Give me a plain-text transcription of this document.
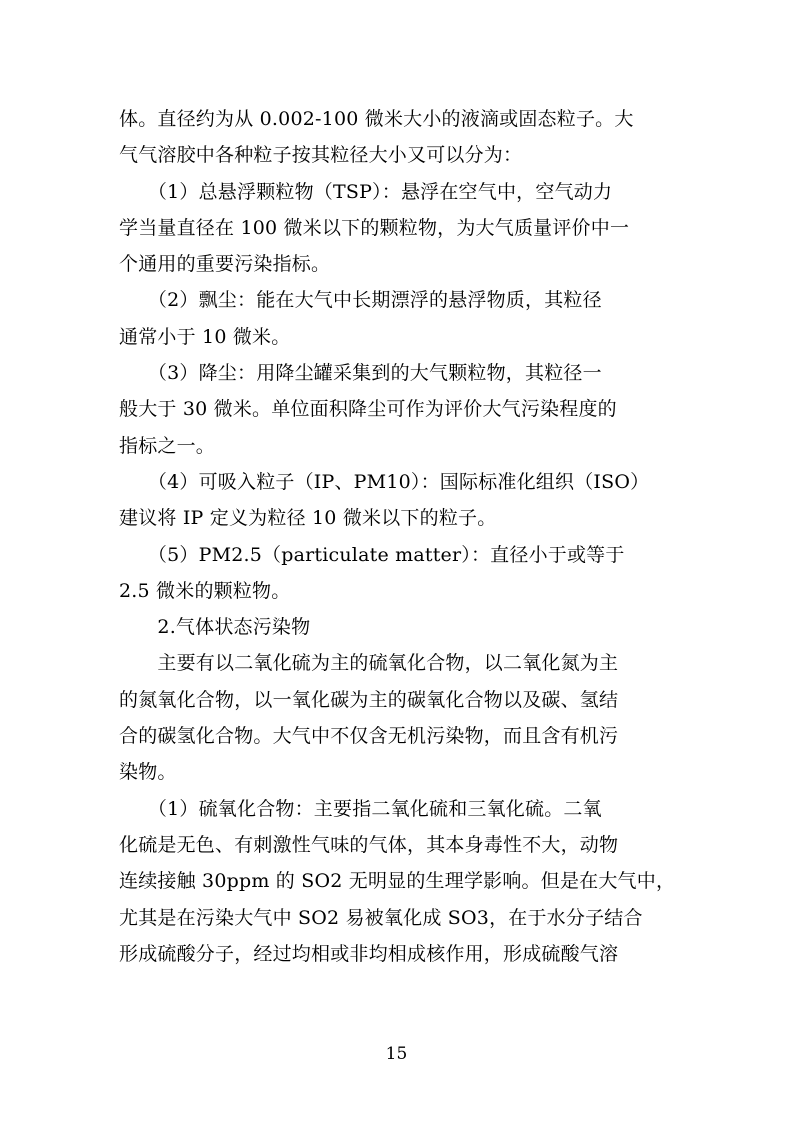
体。直径约为从 0.002-100 微米大小的液滴或固态粒子。大
气气溶胶中各种粒子按其粒径大小又可以分为：
　　（1）总悬浮颗粒物（TSP）：悬浮在空气中，空气动力
学当量直径在 100 微米以下的颗粒物，为大气质量评价中一
个通用的重要污染指标。
　　（2）飘尘：能在大气中长期漂浮的悬浮物质，其粒径
通常小于 10 微米。
　　（3）降尘：用降尘罐采集到的大气颗粒物，其粒径一
般大于 30 微米。单位面积降尘可作为评价大气污染程度的
指标之一。
　　（4）可吸入粒子（IP、PM10）：国际标准化组织（ISO）
建议将 IP 定义为粒径 10 微米以下的粒子。
　　（5）PM2.5（particulate matter）：直径小于或等于
2.5 微米的颗粒物。
　　2.气体状态污染物
　　主要有以二氧化硫为主的硫氧化合物，以二氧化氮为主
的氮氧化合物，以一氧化碳为主的碳氧化合物以及碳、氢结
合的碳氢化合物。大气中不仅含无机污染物，而且含有机污
染物。
　　（1）硫氧化合物：主要指二氧化硫和三氧化硫。二氧
化硫是无色、有刺激性气味的气体，其本身毒性不大，动物
连续接触 30ppm 的 SO2 无明显的生理学影响。但是在大气中，
尤其是在污染大气中 SO2 易被氧化成 SO3，在于水分子结合
形成硫酸分子，经过均相或非均相成核作用，形成硫酸气溶
15
